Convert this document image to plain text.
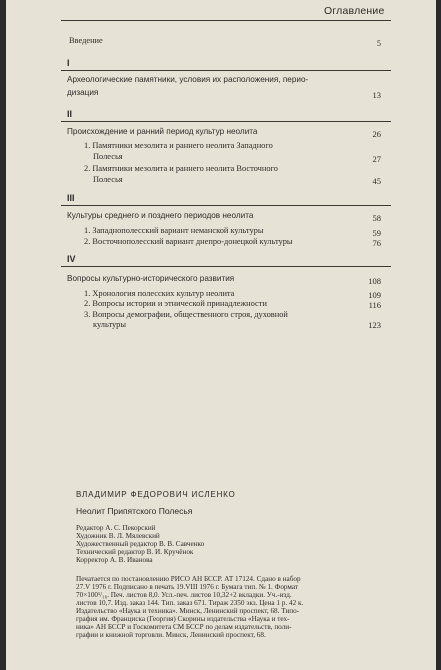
Оглавление
Введение	5
I
Археологические памятники, условия их расположения, перио-
дизация	13
II
Происхождение и ранний период культур неолита	26
1. Памятники мезолита и раннего неолита Западного
Полесья	27
2. Памятники мезолита и раннего неолита Восточного
Полесья	45
III
Культуры среднего и позднего периодов неолита	58
1. Западнополесский вариант неманской культуры	59
2. Восточнополесский вариант днепро-донецкой культуры	76
IV
Вопросы культурно-исторического развития	108
1. Хронология полесских культур неолита	109
2. Вопросы истории и этнической принадлежности	116
3. Вопросы демографии, общественного строя, духовной
культуры	123
ВЛАДИМИР ФЕДОРОВИЧ ИСЛЕНКО
Неолит Припятского Полесья
Редактор А. С. Пекорский
Художник В. Л. Мялевский
Художественный редактор В. В. Савченко
Технический редактор В. И. Кручёнок
Корректор А. В. Иванова
Печатается по постановлению РИСО АН БССР. АТ 17124. Сдано в набор
27.V 1976 г. Подписано в печать 19.VIII 1976 г. Бумага тип. № 1. Формат
70×100¹/₁₆. Печ. листов 8,0. Усл.-печ. листов 10,32+2 вкладки. Уч.-изд.
листов 10,7. Изд. заказ 144. Тип. заказ 671. Тираж 2350 экз. Цена 1 р. 42 к.
Издательство «Наука и техника». Минск, Ленинский проспект, 68. Типо-
графия им. Франциска (Георгия) Скорины издательства «Наука и тех-
ника» АН БССР и Госкомитета СМ БССР по делам издательств, поли-
графии и книжной торговли. Минск, Ленинский проспект, 68.
